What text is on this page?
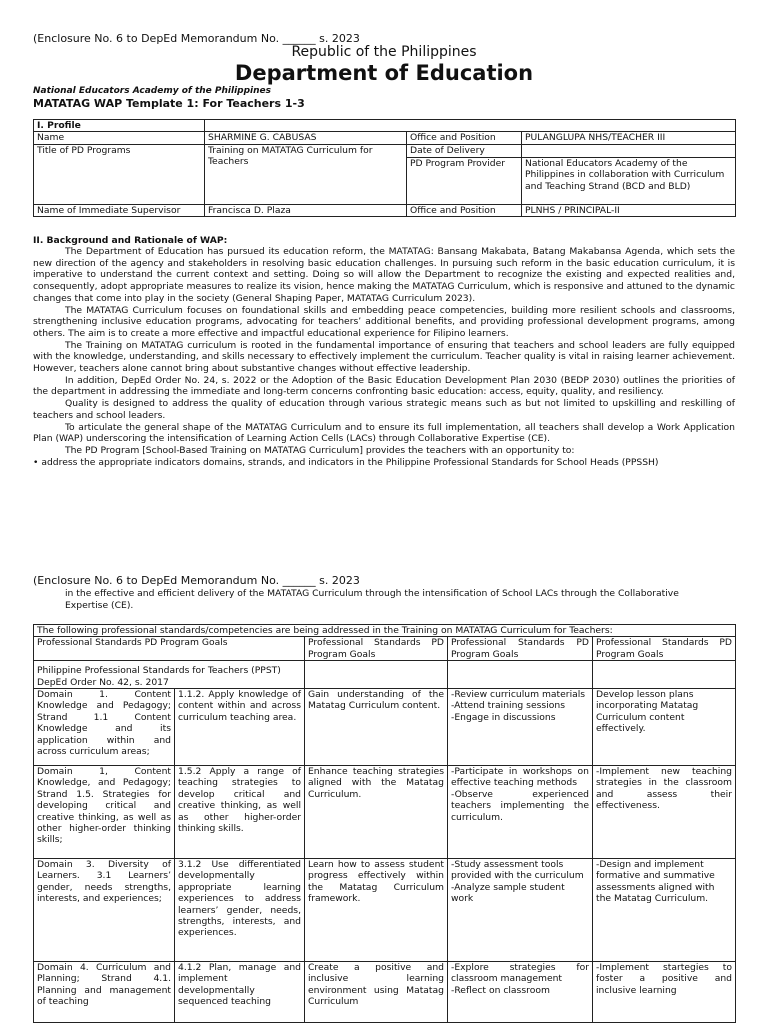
(Enclosure No. 6 to DepEd Memorandum No. ______ s. 2023
Republic of the Philippines
Department of Education
National Educators Academy of the Philippines
MATATAG WAP Template 1: For Teachers 1-3
I. Profile			
Name	SHARMINE G. CABUSAS	Office and Position	PULANGLUPA NHS/TEACHER III
Title of PD Programs	Training on MATATAG Curriculum for Teachers	Date of Delivery	
		PD Program Provider	National Educators Academy of the Philippines in collaboration with Curriculum and Teaching Strand (BCD and BLD)
Name of Immediate Supervisor	Francisca D. Plaza	Office and Position	PLNHS / PRINCIPAL-II
II. Background and Rationale of WAP:

The Department of Education has pursued its education reform, the MATATAG: Bansang Makabata, Batang Makabansa Agenda, which sets the new direction of the agency and stakeholders in resolving basic education challenges. In pursuing such reform in the basic education curriculum, it is imperative to understand the current context and setting. Doing so will allow the Department to recognize the existing and expected realities and, consequently, adopt appropriate measures to realize its vision, hence making the MATATAG Curriculum, which is responsive and attuned to the dynamic changes that come into play in the society (General Shaping Paper, MATATAG Curriculum 2023).

The MATATAG Curriculum focuses on foundational skills and embedding peace competencies, building more resilient schools and classrooms, strengthening inclusive education programs, advocating for teachers’ additional benefits, and providing professional development programs, among others. The aim is to create a more effective and impactful educational experience for Filipino learners.

The Training on MATATAG curriculum is rooted in the fundamental importance of ensuring that teachers and school leaders are fully equipped with the knowledge, understanding, and skills necessary to effectively implement the curriculum. Teacher quality is vital in raising learner achievement. However, teachers alone cannot bring about substantive changes without effective leadership.

In addition, DepEd Order No. 24, s. 2022 or the Adoption of the Basic Education Development Plan 2030 (BEDP 2030) outlines the priorities of the department in addressing the immediate and long-term concerns confronting basic education: access, equity, quality, and resiliency.

Quality is designed to address the quality of education through various strategic means such as but not limited to upskilling and reskilling of teachers and school leaders.

To articulate the general shape of the MATATAG Curriculum and to ensure its full implementation, all teachers shall develop a Work Application Plan (WAP) underscoring the intensification of Learning Action Cells (LACs) through Collaborative Expertise (CE).

The PD Program [School-Based Training on MATATAG Curriculum] provides the teachers with an opportunity to:

• address the appropriate indicators domains, strands, and indicators in the Philippine Professional Standards for School Heads (PPSSH)

(Enclosure No. 6 to DepEd Memorandum No. ______ s. 2023

in the effective and efficient delivery of the MATATAG Curriculum through the intensification of School LACs through the Collaborative

Expertise (CE).

The following professional standards/competencies are being addressed in the Training on MATATAG Curriculum for Teachers:				
Professional Standards PD Program Goals		Professional Standards PD Program Goals	Professional Standards PD Program Goals	Professional Standards PD Program Goals

Philippine Professional Standards for Teachers (PPST)
DepEd Order No. 42, s. 2017				

Domain 1. Content Knowledge and Pedagogy; Strand 1.1 Content Knowledge and its application within and across curriculum areas;	1.1.2. Apply knowledge of content within and across curriculum teaching area.	Gain understanding of the Matatag Curriculum content.	-Review curriculum materials
-Attend training sessions
-Engage in discussions	Develop lesson plans incorporating Matatag Curriculum content effectively.
Domain 1, Content Knowledge, and Pedagogy; Strand 1.5. Strategies for developing critical and creative thinking, as well as other higher-order thinking skills;	1.5.2 Apply a range of teaching strategies to develop critical and creative thinking, as well as other higher-order thinking skills.	Enhance teaching strategies aligned with the Matatag Curriculum.	-Participate in workshops on effective teaching methods
-Observe experienced teachers implementing the curriculum.	-Implement new teaching strategies in the classroom and assess their effectiveness.
Domain 3. Diversity of Learners. 3.1 Learners’ gender, needs strengths, interests, and experiences;	3.1.2 Use differentiated developmentally appropriate learning experiences to address learners’ gender, needs, strengths, interests, and experiences.	Learn how to assess student progress effectively within the Matatag Curriculum framework.	-Study assessment tools provided with the curriculum
-Analyze sample student work	-Design and implement formative and summative assessments aligned with the Matatag Curriculum.
Domain 4. Curriculum and Planning; Strand 4.1. Planning and management of teaching	4.1.2 Plan, manage and implement developmentally sequenced teaching	Create a positive and inclusive learning environment using Matatag Curriculum	-Explore strategies for classroom management
-Reflect on classroom	-Implement startegies to foster a positive and inclusive learning
